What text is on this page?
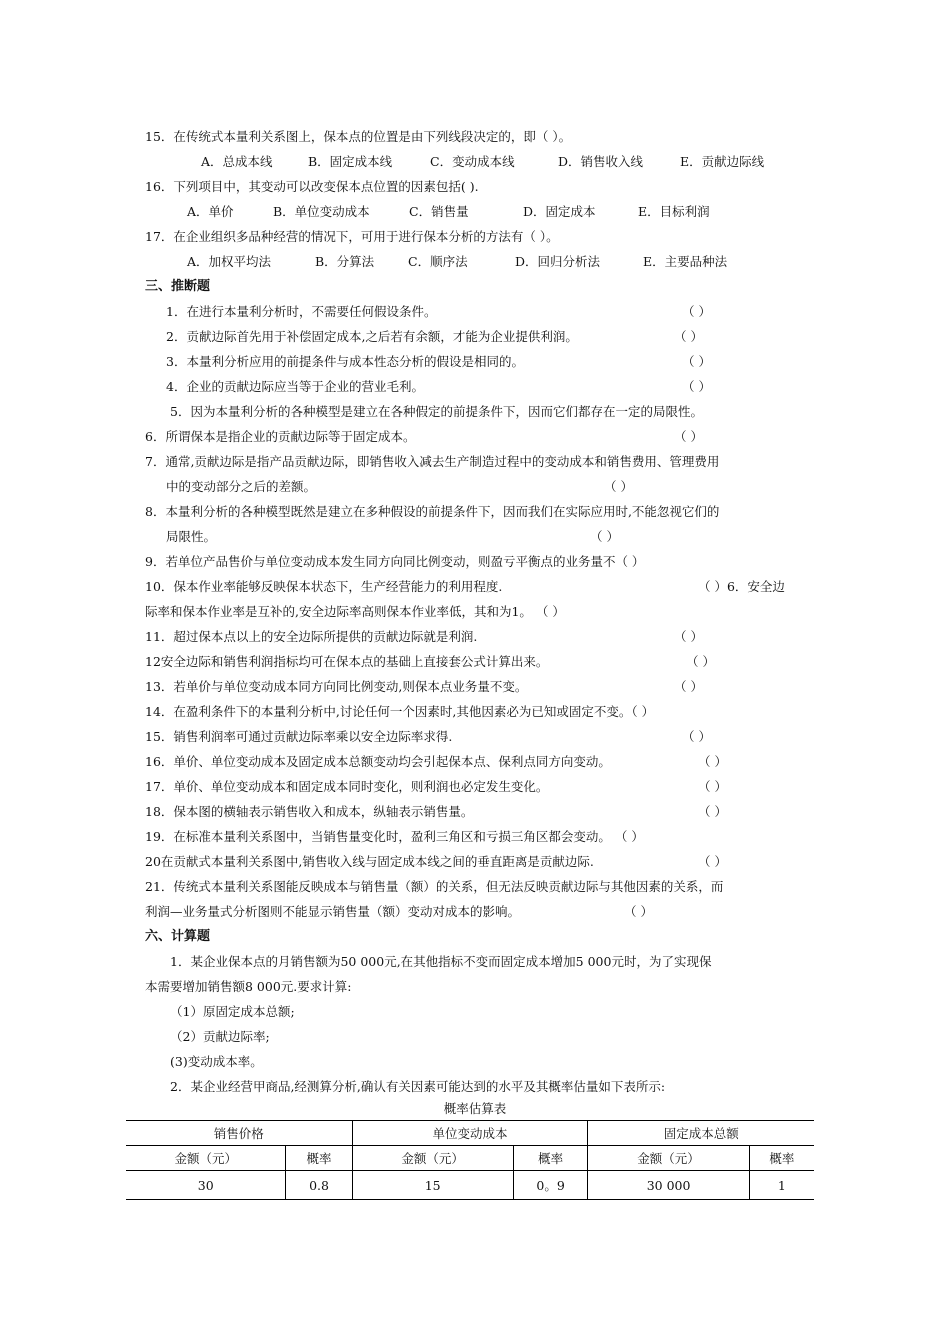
15．在传统式本量利关系图上，保本点的位置是由下列线段决定的，即（ ）。
A．总成本线	B．固定成本线	C．变动成本线	D．销售收入线	E．贡献边际线
16．下列项目中，其变动可以改变保本点位置的因素包括( ).
A．单价	B．单位变动成本	C．销售量	D．固定成本	E．目标利润
17．在企业组织多品种经营的情况下，可用于进行保本分析的方法有（ ）。
A．加权平均法	B．分算法	C．顺序法	D．回归分析法	E．主要品种法
三、推断题
1．在进行本量利分析时，不需要任何假设条件。	（ ）
2．贡献边际首先用于补偿固定成本,之后若有余额，才能为企业提供利润。	（ ）
3．本量利分析应用的前提条件与成本性态分析的假设是相同的。	（ ）
4．企业的贡献边际应当等于企业的营业毛利。	（ ）
5．因为本量利分析的各种模型是建立在各种假定的前提条件下，因而它们都存在一定的局限性。
6．所谓保本是指企业的贡献边际等于固定成本。	（ ）
7．通常,贡献边际是指产品贡献边际，即销售收入减去生产制造过程中的变动成本和销售费用、管理费用
中的变动部分之后的差额。	（ ）
8．本量利分析的各种模型既然是建立在多种假设的前提条件下，因而我们在实际应用时,不能忽视它们的
局限性。	（ ）
9．若单位产品售价与单位变动成本发生同方向同比例变动，则盈亏平衡点的业务量不（ ）
10．保本作业率能够反映保本状态下，生产经营能力的利用程度.	（ ）6．安全边
际率和保本作业率是互补的,安全边际率高则保本作业率低，其和为1。 （ ）
11．超过保本点以上的安全边际所提供的贡献边际就是利润.	（ ）
12安全边际和销售利润指标均可在保本点的基础上直接套公式计算出来。	（ ）
13．若单价与单位变动成本同方向同比例变动,则保本点业务量不变。	（ ）
14．在盈利条件下的本量利分析中,讨论任何一个因素时,其他因素必为已知或固定不变。（ ）
15．销售利润率可通过贡献边际率乘以安全边际率求得.	（ ）
16．单价、单位变动成本及固定成本总额变动均会引起保本点、保利点同方向变动。	（ ）
17．单价、单位变动成本和固定成本同时变化，则利润也必定发生变化。	（ ）
18．保本图的横轴表示销售收入和成本，纵轴表示销售量。	（ ）
19．在标准本量利关系图中，当销售量变化时，盈利三角区和亏损三角区都会变动。 （ ）
20在贡献式本量利关系图中,销售收入线与固定成本线之间的垂直距离是贡献边际.	（ ）
21．传统式本量利关系图能反映成本与销售量（额）的关系，但无法反映贡献边际与其他因素的关系，而
利润—业务量式分析图则不能显示销售量（额）变动对成本的影响。	（ ）
六、计算题
1．某企业保本点的月销售额为50 000元,在其他指标不变而固定成本增加5 000元时，为了实现保
本需要增加销售额8 000元.要求计算:
（1）原固定成本总额;
（2）贡献边际率;
(3)变动成本率。
2．某企业经营甲商品,经测算分析,确认有关因素可能达到的水平及其概率估量如下表所示:
概率估算表
销售价格		单位变动成本		固定成本总额	
金额（元）	概率	金额（元）	概率	金额（元）	概率
30	0.8	15	0。9	30 000	1
